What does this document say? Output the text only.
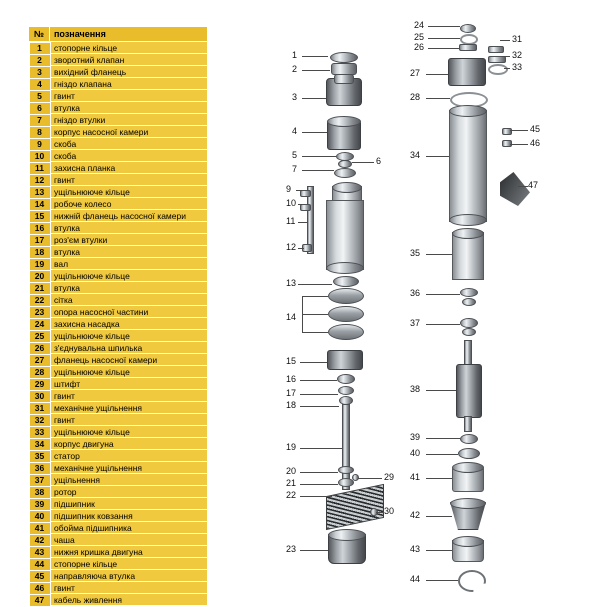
№	позначення

1	стопорне кільце

2	зворотний клапан

3	вихідний фланець

4	гніздо клапана

5	гвинт

6	втулка

7	гніздо втулки

8	корпус насосної камери

9	скоба

10	скоба

11	захисна планка

12	гвинт

13	ущільнююче кільце

14	робоче колесо

15	нижній фланець насосної камери

16	втулка

17	роз'єм втулки

18	втулка

19	вал

20	ущільнююче кільце

21	втулка

22	сітка

23	опора насосної частини

24	захисна насадка

25	ущільнююче кільце

26	з'єднувальна шпилька

27	фланець насосної камери

28	ущільнююче кільце

29	штифт

30	гвинт

31	механічне ущільнення

32	гвинт

33	ущільнююче кільце

34	корпус двигуна

35	статор

36	механічне ущільнення

37	ущільнення

38	ротор

39	підшипник

40	підшипник ковзання

41	обойма підшипника

42	чаша

43	нижня кришка двигуна

44	стопорне кільце

45	направляюча втулка

46	гвинт

47	кабель живлення
1
2
3
4
5
7
6
9
10
11
12
13
14
15
16
17
18
19
20
21
22
29
30
23
24
25
26
31
32
33
27
28
45
46
34
47
35
36
37
38
39
40
41
42
43
44
